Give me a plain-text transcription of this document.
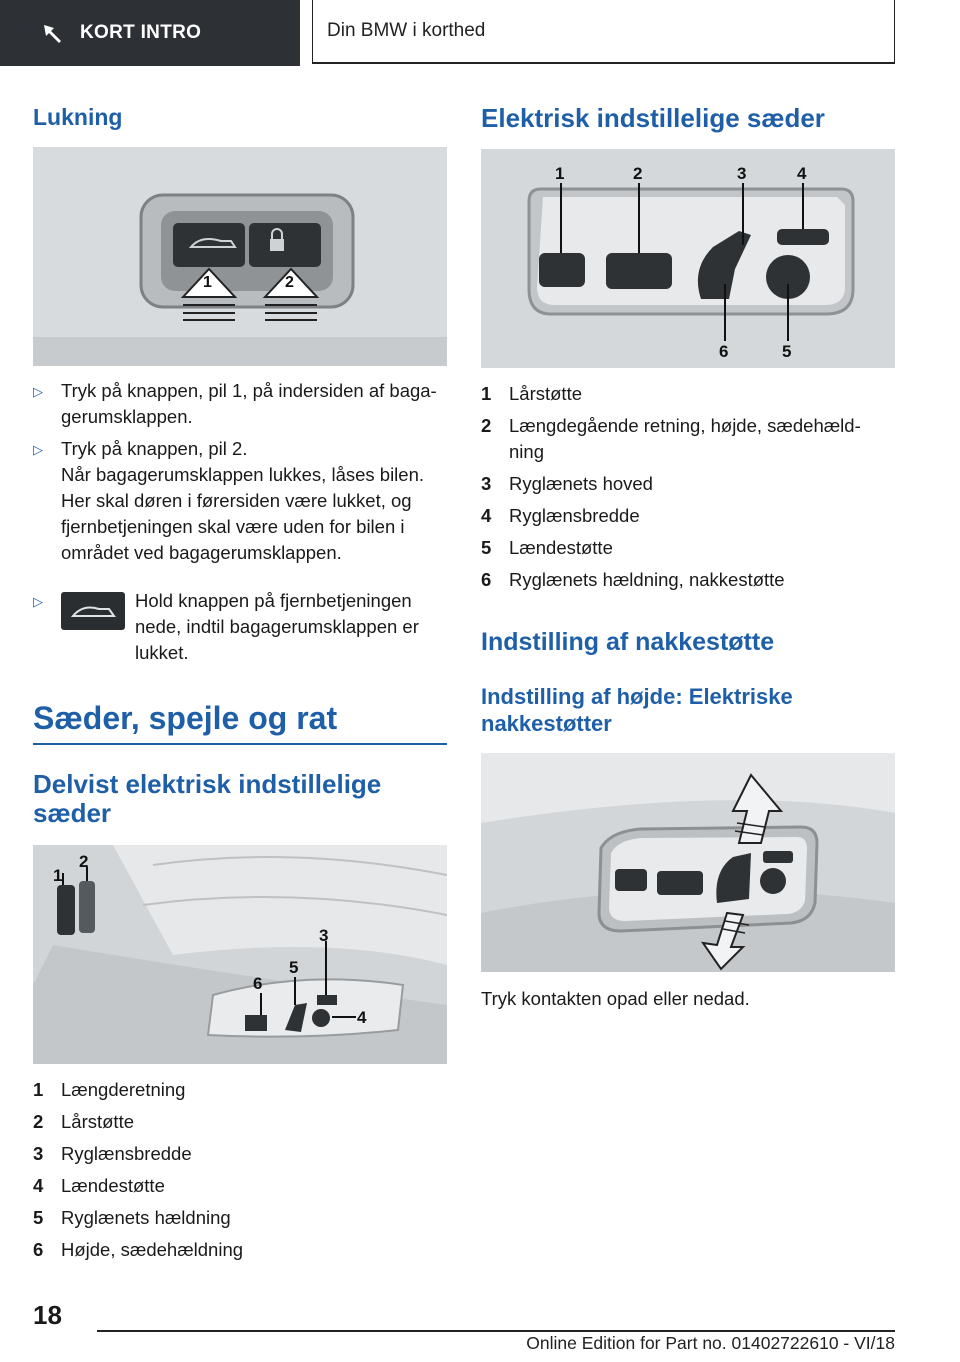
KORT INTRO	Din BMW i korthed
Lukning
1	2
▷ Tryk på knappen, pil 1, på indersiden af baga-gerumsklappen.
▷ Tryk på knappen, pil 2.
Når bagagerumsklappen lukkes, låses bilen. Her skal døren i førersiden være lukket, og fjernbetjeningen skal være uden for bilen i området ved bagagerumsklappen.
▷	Hold knappen på fjernbetjeningen nede, indtil bagagerumsklappen er lukket.
Sæder, spejle og rat
Delvist elektrisk indstillelige sæder
1
2
3
4
5
6
1 Længderetning
2 Lårstøtte
3 Ryglænsbredde
4 Lændestøtte
5 Ryglænets hældning
6 Højde, sædehældning
Elektrisk indstillelige sæder
1	2	3	4
5
6
1 Lårstøtte
2 Længdegående retning, højde, sædehæld-ning
3 Ryglænets hoved
4 Ryglænsbredde
5 Lændestøtte
6 Ryglænets hældning, nakkestøtte
Indstilling af nakkestøtte
Indstilling af højde: Elektriske nakkestøtter
Tryk kontakten opad eller nedad.
18
Online Edition for Part no. 01402722610 - VI/18
